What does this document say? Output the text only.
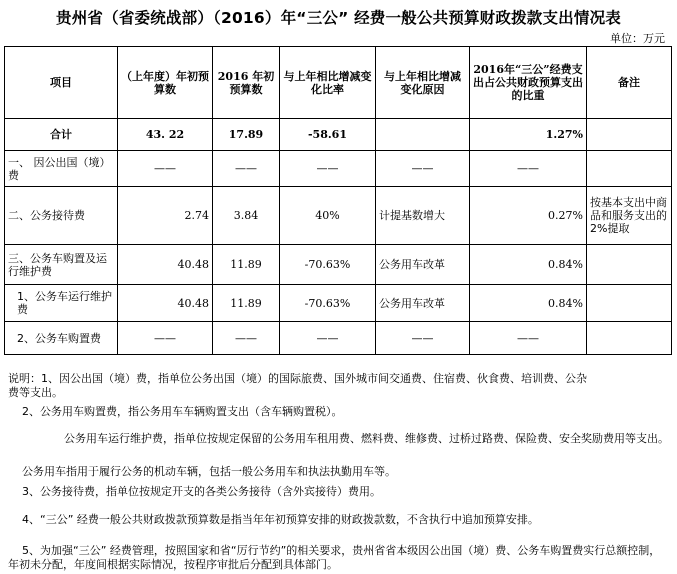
贵州省（省委统战部）（2016）年“三公” 经费一般公共预算财政拨款支出情况表
单位：万元
项目	（上年度）年初预算数	2016 年初预算数	与上年相比增减变化比率	与上年相比增减变化原因	2016年“三公”经费支出占公共财政预算支出的比重	备注
合计	43. 22	17.89	-58.61		1.27%	
一、 因公出国（境）费	——	——	——	——	——	
二、公务接待费	2.74	3.84	40%	计提基数增大	0.27%	按基本支出中商品和服务支出的2%提取
三、公务车购置及运行维护费	40.48	11.89	-70.63%	公务用车改革	0.84%	
1、公务车运行维护费	40.48	11.89	-70.63%	公务用车改革	0.84%	
2、公务车购置费	——	——	——	——	——	

说明：1、因公出国（境）费，指单位公务出国（境）的国际旅费、国外城市间交通费、住宿费、伙食费、培训费、公杂费等支出。

2、公务用车购置费，指公务用车车辆购置支出（含车辆购置税）。

公务用车运行维护费，指单位按规定保留的公务用车租用费、燃料费、维修费、过桥过路费、保险费、安全奖励费用等支出。

公务用车指用于履行公务的机动车辆，包括一般公务用车和执法执勤用车等。

3、公务接待费，指单位按规定开支的各类公务接待（含外宾接待）费用。

4、“三公” 经费一般公共财政拨款预算数是指当年年初预算安排的财政拨款数，不含执行中追加预算安排。

5、为加强“三公” 经费管理，按照国家和省“厉行节约”的相关要求，贵州省省本级因公出国（境）费、公务车购置费实行总额控制，年初未分配，年度间根据实际情况，按程序审批后分配到具体部门。
